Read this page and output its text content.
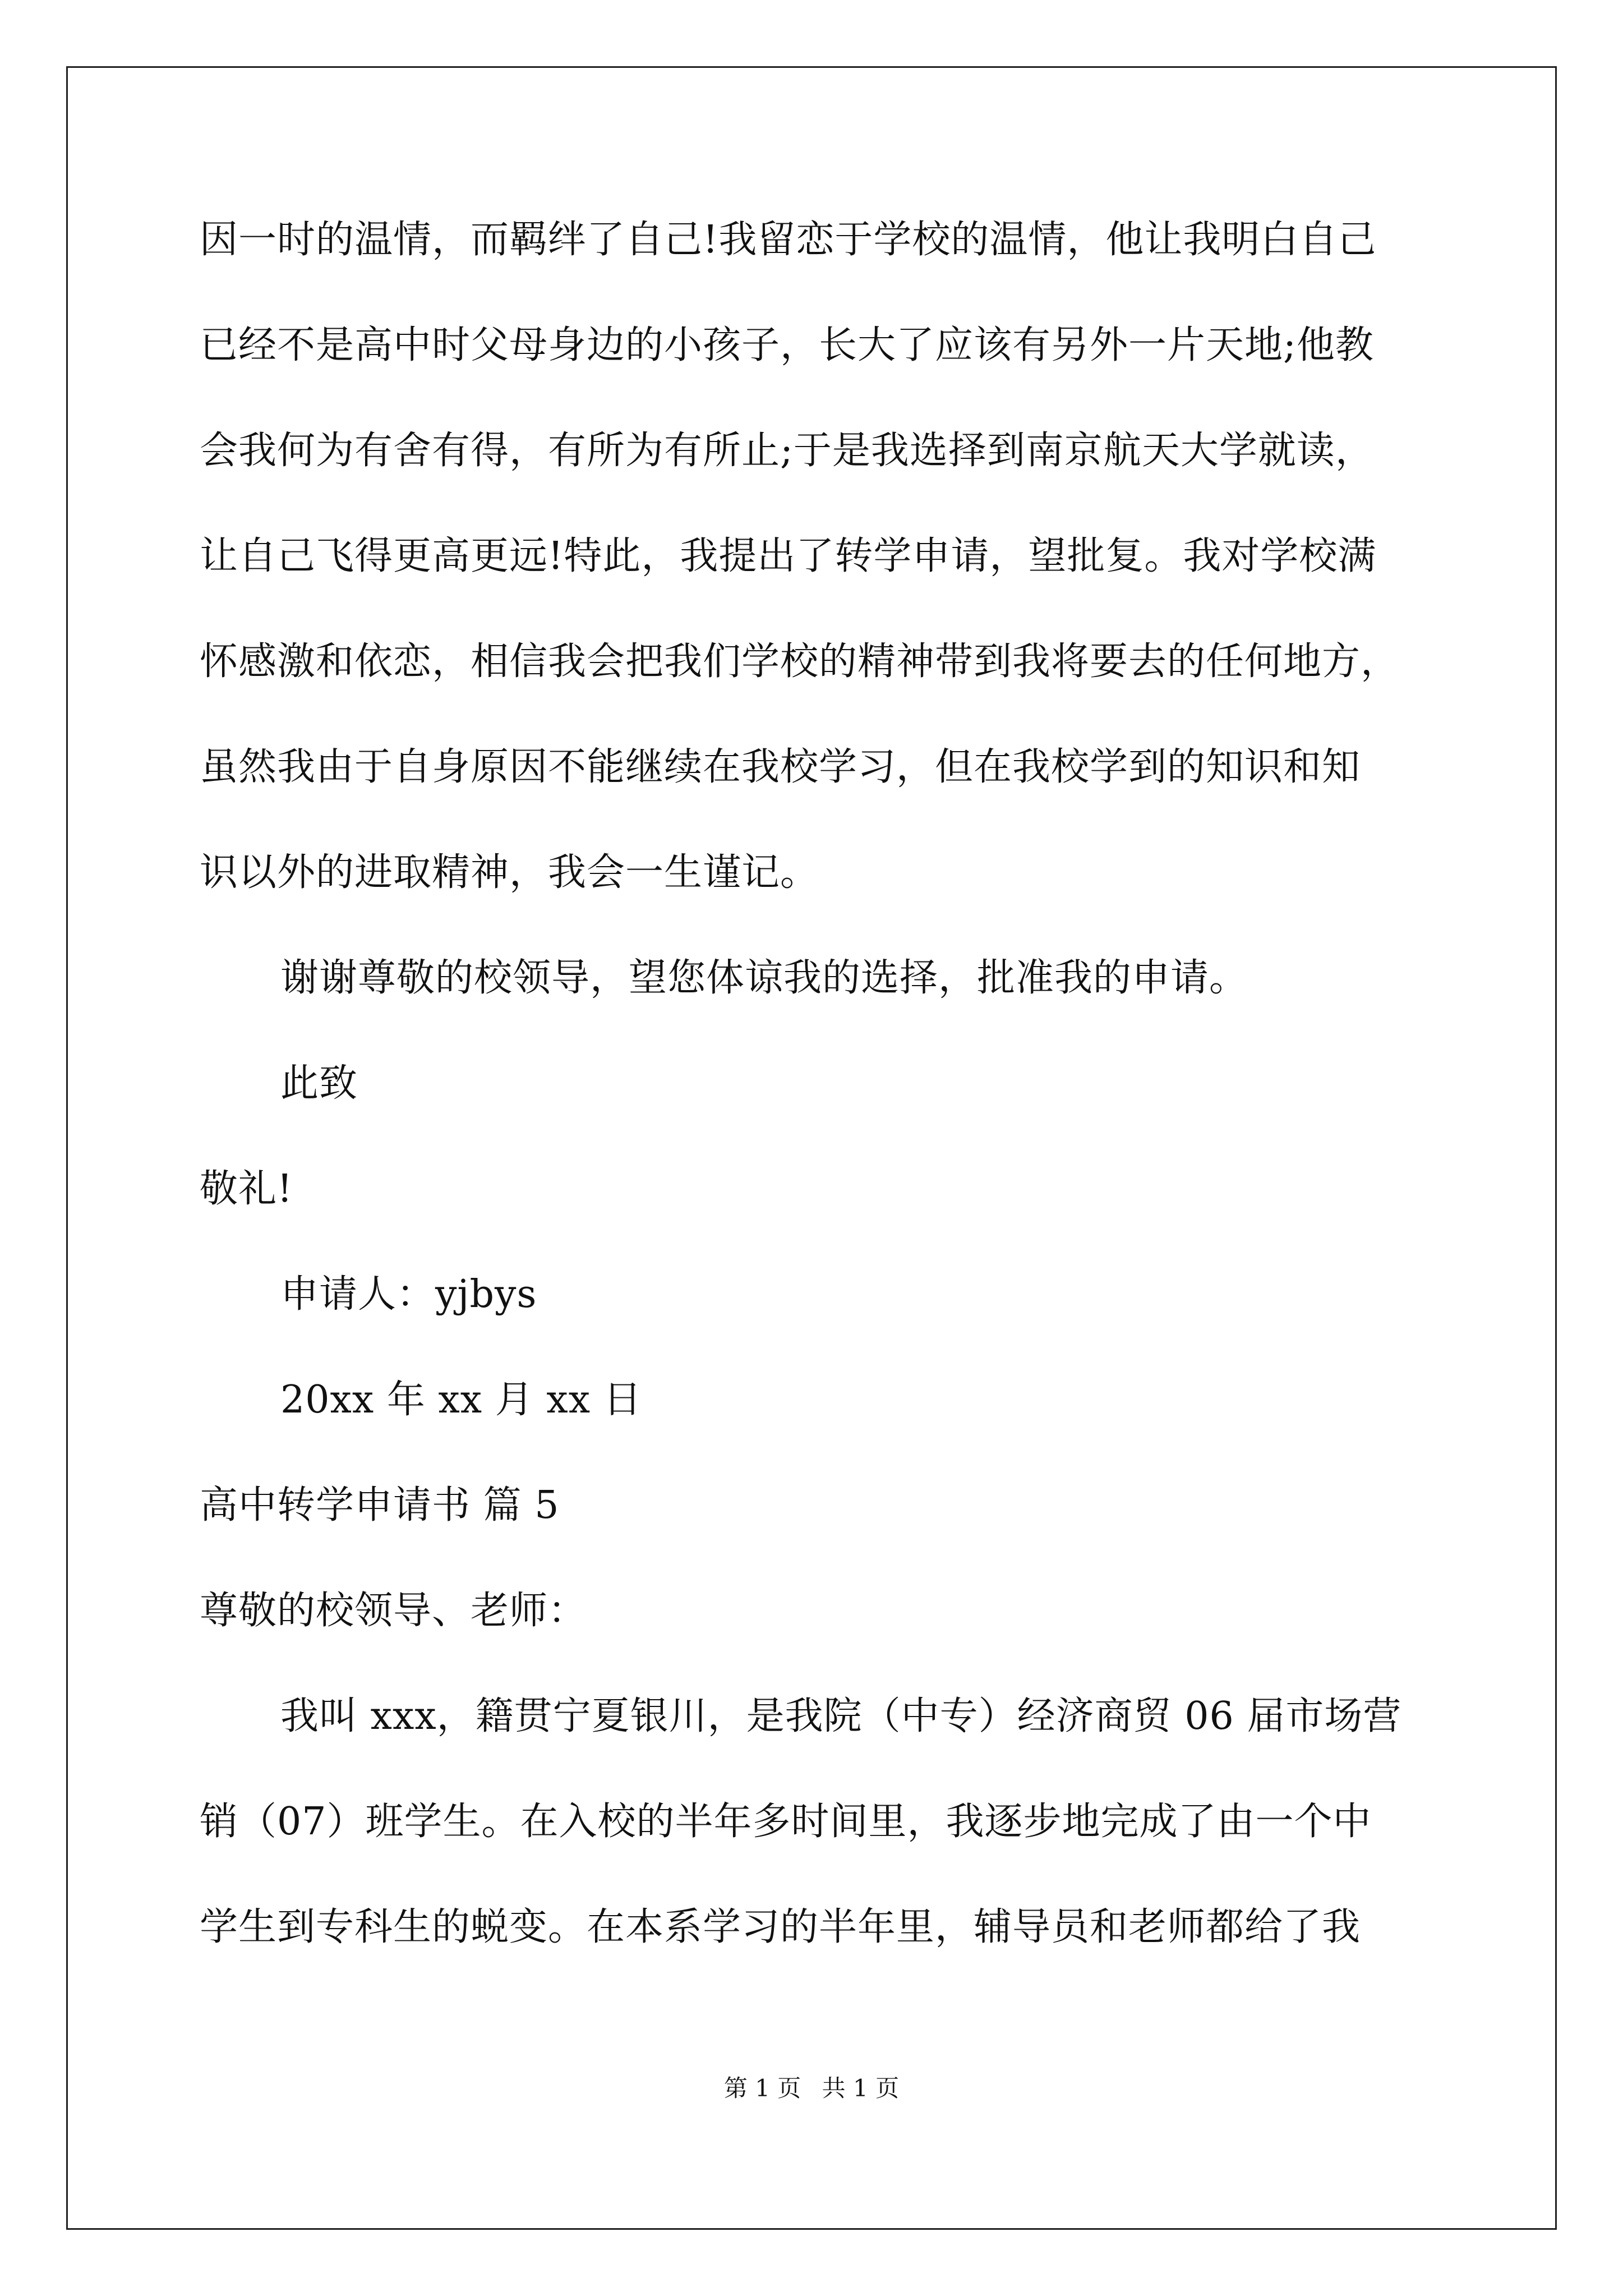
因一时的温情，而羁绊了自己!我留恋于学校的温情，他让我明白自己
已经不是高中时父母身边的小孩子，长大了应该有另外一片天地;他教
会我何为有舍有得，有所为有所止;于是我选择到南京航天大学就读，
让自己飞得更高更远!特此，我提出了转学申请，望批复。我对学校满
怀感激和依恋，相信我会把我们学校的精神带到我将要去的任何地方，
虽然我由于自身原因不能继续在我校学习，但在我校学到的知识和知
识以外的进取精神，我会一生谨记。
谢谢尊敬的校领导，望您体谅我的选择，批准我的申请。
此致
敬礼!
申请人：yjbys
20xx 年 xx 月 xx 日
高中转学申请书 篇 5
尊敬的校领导、老师：
我叫 xxx，籍贯宁夏银川，是我院（中专）经济商贸 06 届市场营
销（07）班学生。在入校的半年多时间里，我逐步地完成了由一个中
学生到专科生的蜕变。在本系学习的半年里，辅导员和老师都给了我
第 1 页 共 1 页
